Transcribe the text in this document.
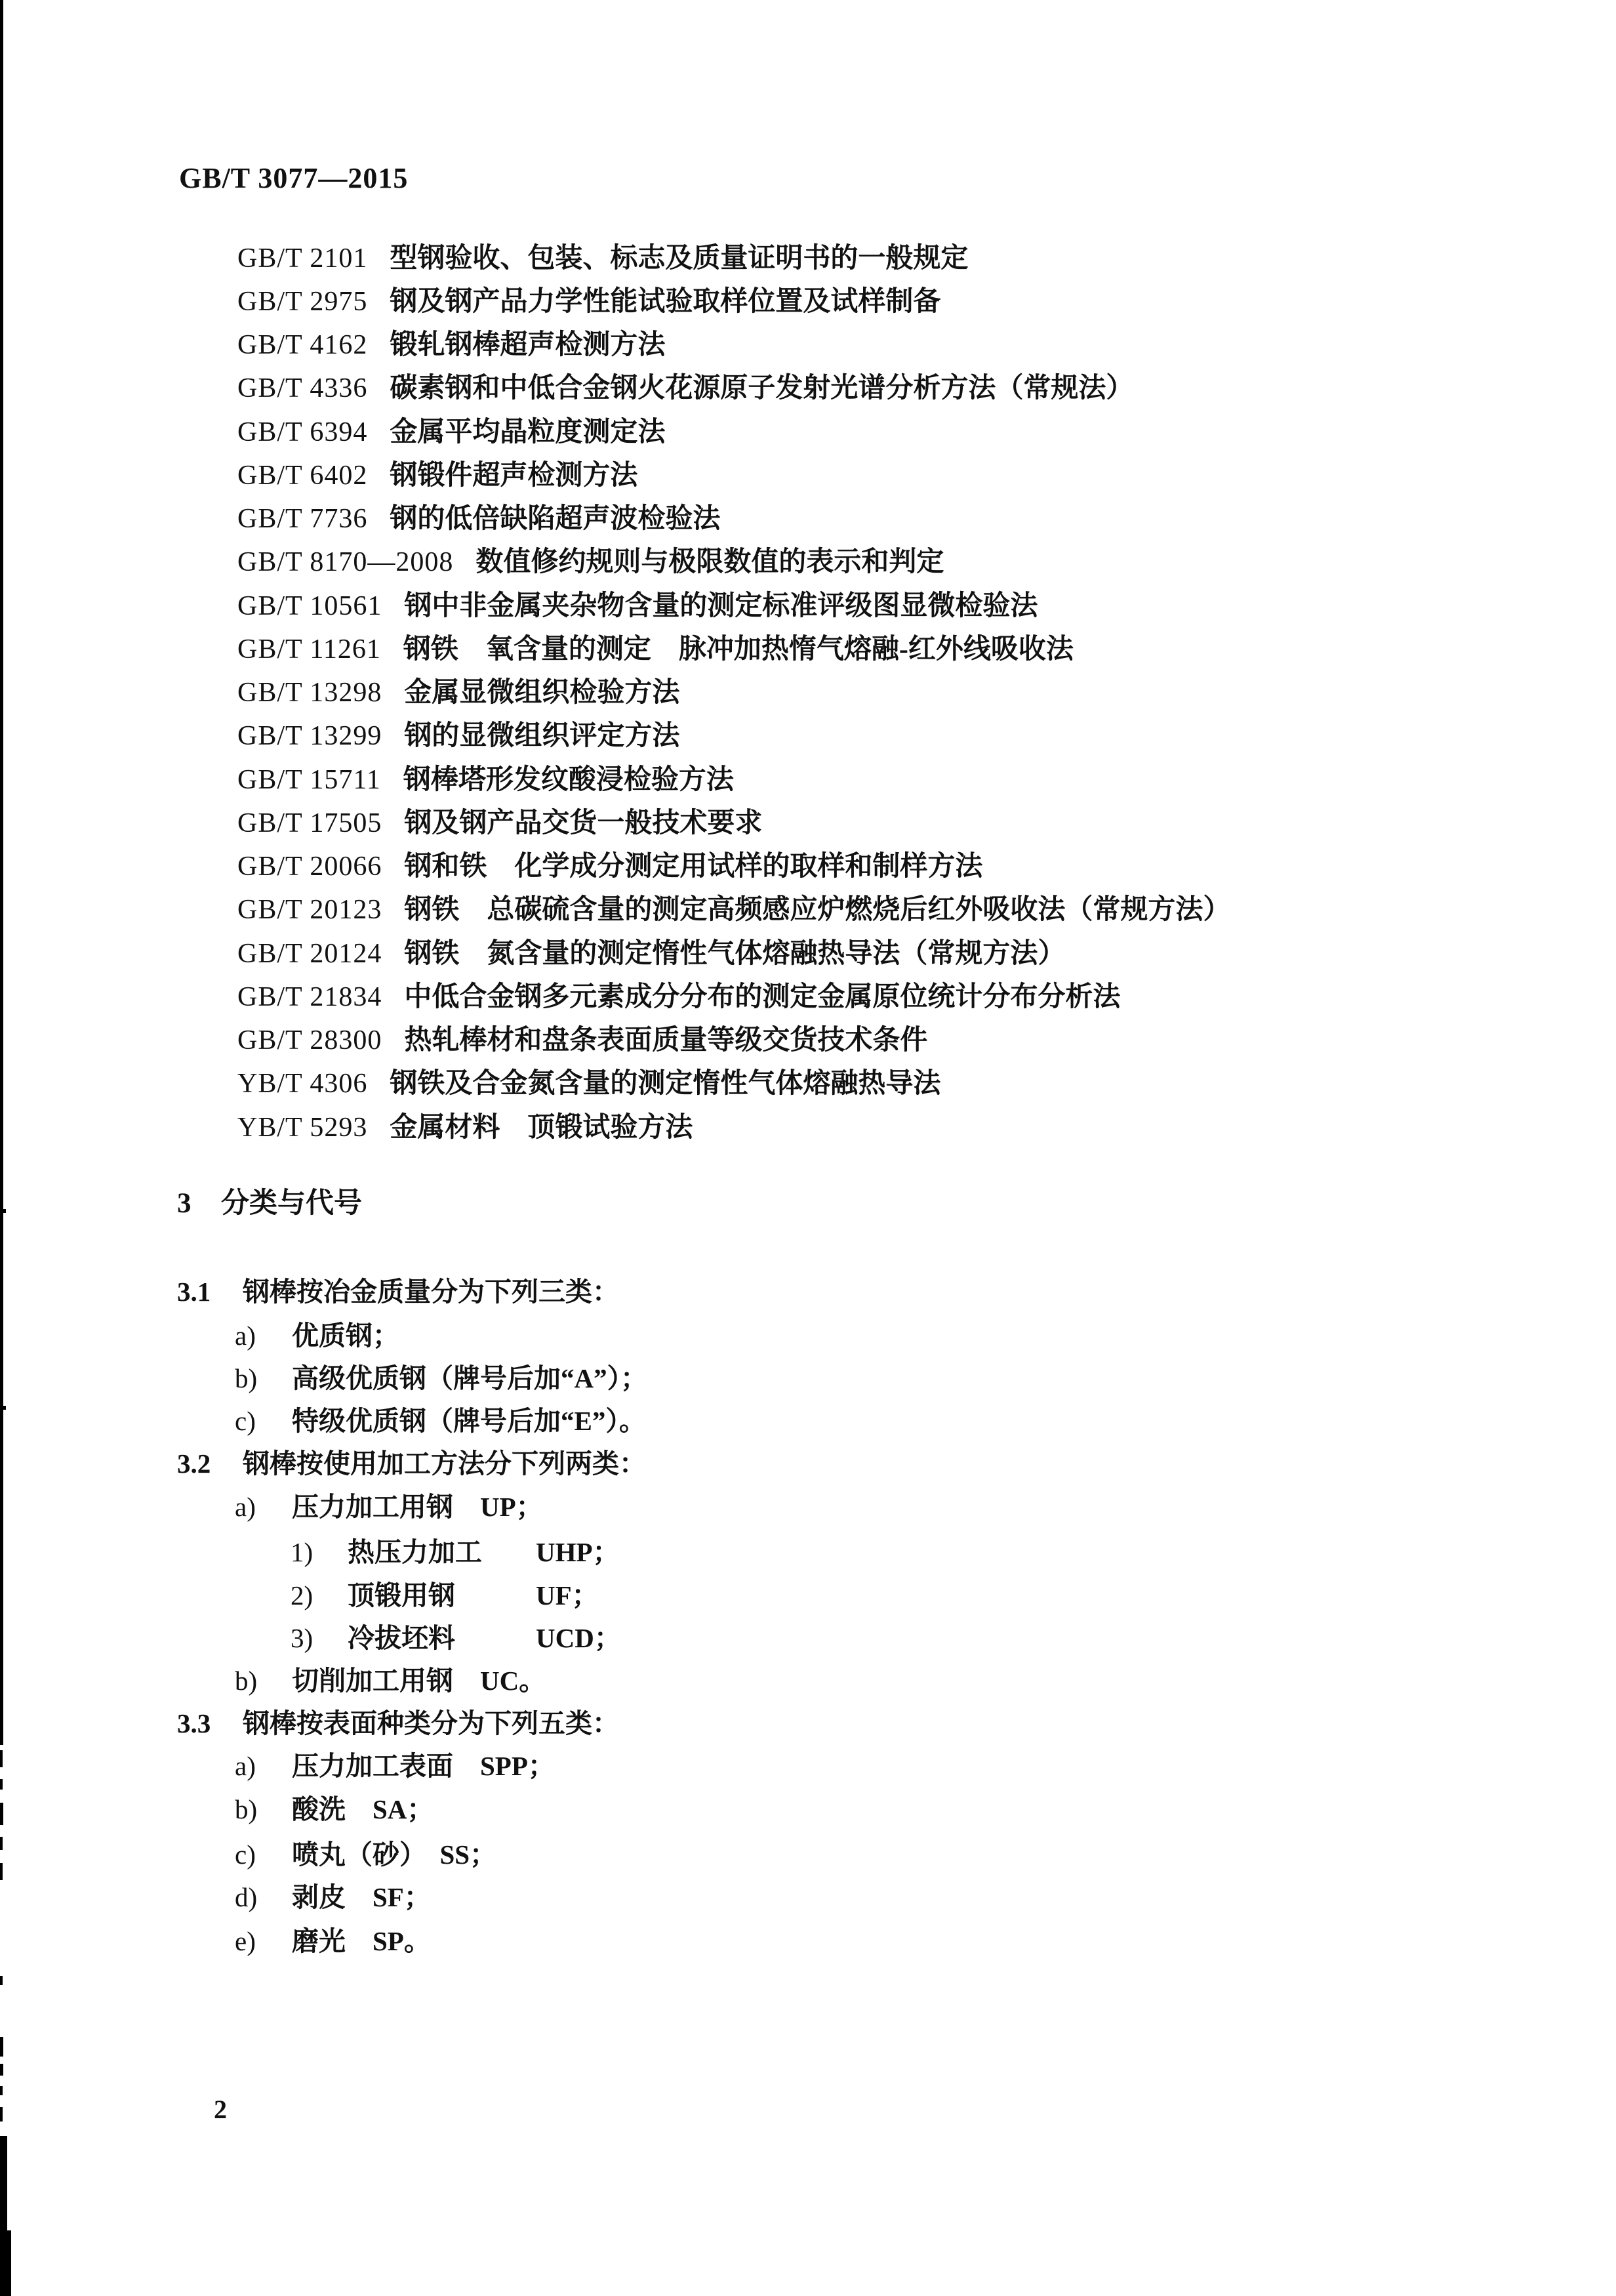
GB/T 3077—2015
GB/T 2101 型钢验收、包装、标志及质量证明书的一般规定
GB/T 2975 钢及钢产品力学性能试验取样位置及试样制备
GB/T 4162 锻轧钢棒超声检测方法
GB/T 4336 碳素钢和中低合金钢火花源原子发射光谱分析方法（常规法）
GB/T 6394 金属平均晶粒度测定法
GB/T 6402 钢锻件超声检测方法
GB/T 7736 钢的低倍缺陷超声波检验法
GB/T 8170—2008 数值修约规则与极限数值的表示和判定
GB/T 10561 钢中非金属夹杂物含量的测定标准评级图显微检验法
GB/T 11261 钢铁　氧含量的测定　脉冲加热惰气熔融-红外线吸收法
GB/T 13298 金属显微组织检验方法
GB/T 13299 钢的显微组织评定方法
GB/T 15711 钢棒塔形发纹酸浸检验方法
GB/T 17505 钢及钢产品交货一般技术要求
GB/T 20066 钢和铁　化学成分测定用试样的取样和制样方法
GB/T 20123 钢铁　总碳硫含量的测定高频感应炉燃烧后红外吸收法（常规方法）
GB/T 20124 钢铁　氮含量的测定惰性气体熔融热导法（常规方法）
GB/T 21834 中低合金钢多元素成分分布的测定金属原位统计分布分析法
GB/T 28300 热轧棒材和盘条表面质量等级交货技术条件
YB/T 4306 钢铁及合金氮含量的测定惰性气体熔融热导法
YB/T 5293 金属材料　顶锻试验方法
3	分类与代号
3.1	钢棒按冶金质量分为下列三类：
a)	优质钢；
b)	高级优质钢（牌号后加“A”）；
c)	特级优质钢（牌号后加“E”）。
3.2	钢棒按使用加工方法分下列两类：
a)	压力加工用钢　UP；
1)	热压力加工　　UHP；
2)	顶锻用钢　　　UF；
3)	冷拔坯料　　　UCD；
b)	切削加工用钢　UC。
3.3	钢棒按表面种类分为下列五类：
a)	压力加工表面　SPP；
b)	酸洗　SA；
c)	喷丸（砂）　SS；
d)	剥皮　SF；
e)	磨光　SP。
2
